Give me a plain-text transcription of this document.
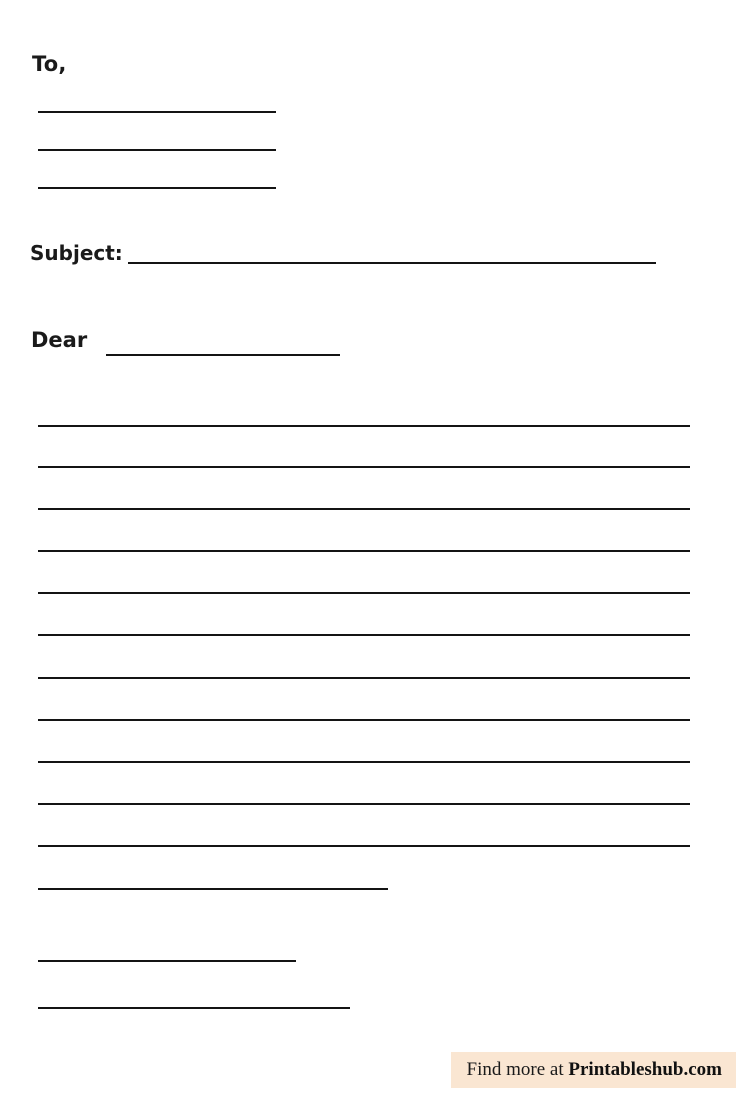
To,
Subject:
Dear
Find more at Printableshub.com
